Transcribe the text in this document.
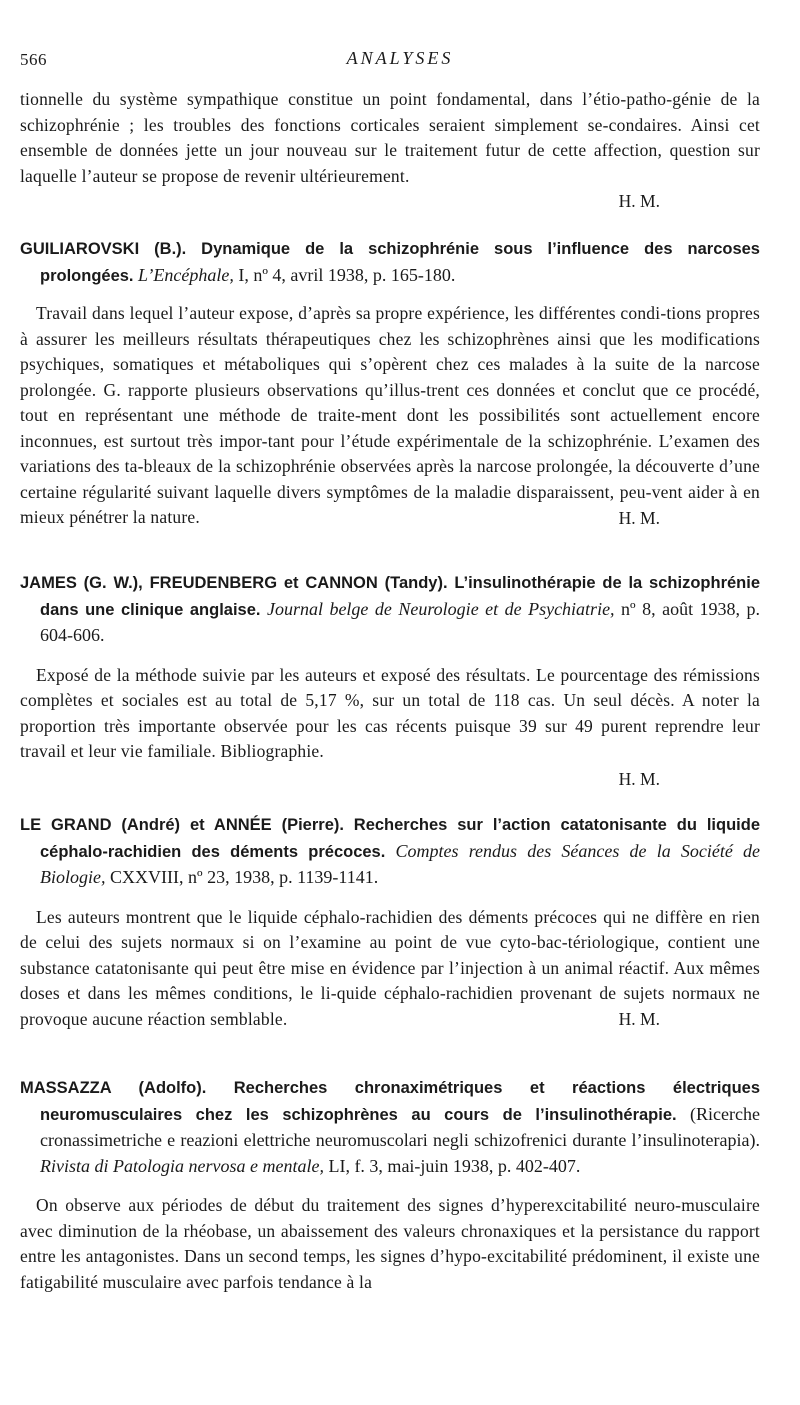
566	ANALYSES

tionnelle du système sympathique constitue un point fondamental, dans l’étio-patho-génie de la schizophrénie ; les troubles des fonctions corticales seraient simplement se-condaires. Ainsi cet ensemble de données jette un jour nouveau sur le traitement futur de cette affection, question sur laquelle l’auteur se propose de revenir ultérieurement.

H. M.

GUILIAROVSKI (B.). Dynamique de la schizophrénie sous l’influence des narcoses prolongées. L’Encéphale, I, nº 4, avril 1938, p. 165-180.

Travail dans lequel l’auteur expose, d’après sa propre expérience, les différentes condi-tions propres à assurer les meilleurs résultats thérapeutiques chez les schizophrènes ainsi que les modifications psychiques, somatiques et métaboliques qui s’opèrent chez ces malades à la suite de la narcose prolongée. G. rapporte plusieurs observations qu’illus-trent ces données et conclut que ce procédé, tout en représentant une méthode de traite-ment dont les possibilités sont actuellement encore inconnues, est surtout très impor-tant pour l’étude expérimentale de la schizophrénie. L’examen des variations des ta-bleaux de la schizophrénie observées après la narcose prolongée, la découverte d’une certaine régularité suivant laquelle divers symptômes de la maladie disparaissent, peu-vent aider à en mieux pénétrer la nature.	H. M.

JAMES (G. W.), FREUDENBERG et CANNON (Tandy). L’insulinothérapie de la schizophrénie dans une clinique anglaise. Journal belge de Neurologie et de Psychiatrie, nº 8, août 1938, p. 604-606.

Exposé de la méthode suivie par les auteurs et exposé des résultats. Le pourcentage des rémissions complètes et sociales est au total de 5,17 %, sur un total de 118 cas. Un seul décès. A noter la proportion très importante observée pour les cas récents puisque 39 sur 49 purent reprendre leur travail et leur vie familiale. Bibliographie.

H. M.

LE GRAND (André) et ANNÉE (Pierre). Recherches sur l’action catatonisante du liquide céphalo-rachidien des déments précoces. Comptes rendus des Séances de la Société de Biologie, CXXVIII, nº 23, 1938, p. 1139-1141.

Les auteurs montrent que le liquide céphalo-rachidien des déments précoces qui ne diffère en rien de celui des sujets normaux si on l’examine au point de vue cyto-bac-tériologique, contient une substance catatonisante qui peut être mise en évidence par l’injection à un animal réactif. Aux mêmes doses et dans les mêmes conditions, le li-quide céphalo-rachidien provenant de sujets normaux ne provoque aucune réaction semblable.	H. M.

MASSAZZA (Adolfo). Recherches chronaximétriques et réactions électriques neuromusculaires chez les schizophrènes au cours de l’insulinothérapie. (Ricerche cronassimetriche e reazioni elettriche neuromuscolari negli schizofrenici durante l’insulinoterapia). Rivista di Patologia nervosa e mentale, LI, f. 3, mai-juin 1938, p. 402-407.

On observe aux périodes de début du traitement des signes d’hyperexcitabilité neuro-musculaire avec diminution de la rhéobase, un abaissement des valeurs chronaxiques et la persistance du rapport entre les antagonistes. Dans un second temps, les signes d’hypo-excitabilité prédominent, il existe une fatigabilité musculaire avec parfois tendance à la
